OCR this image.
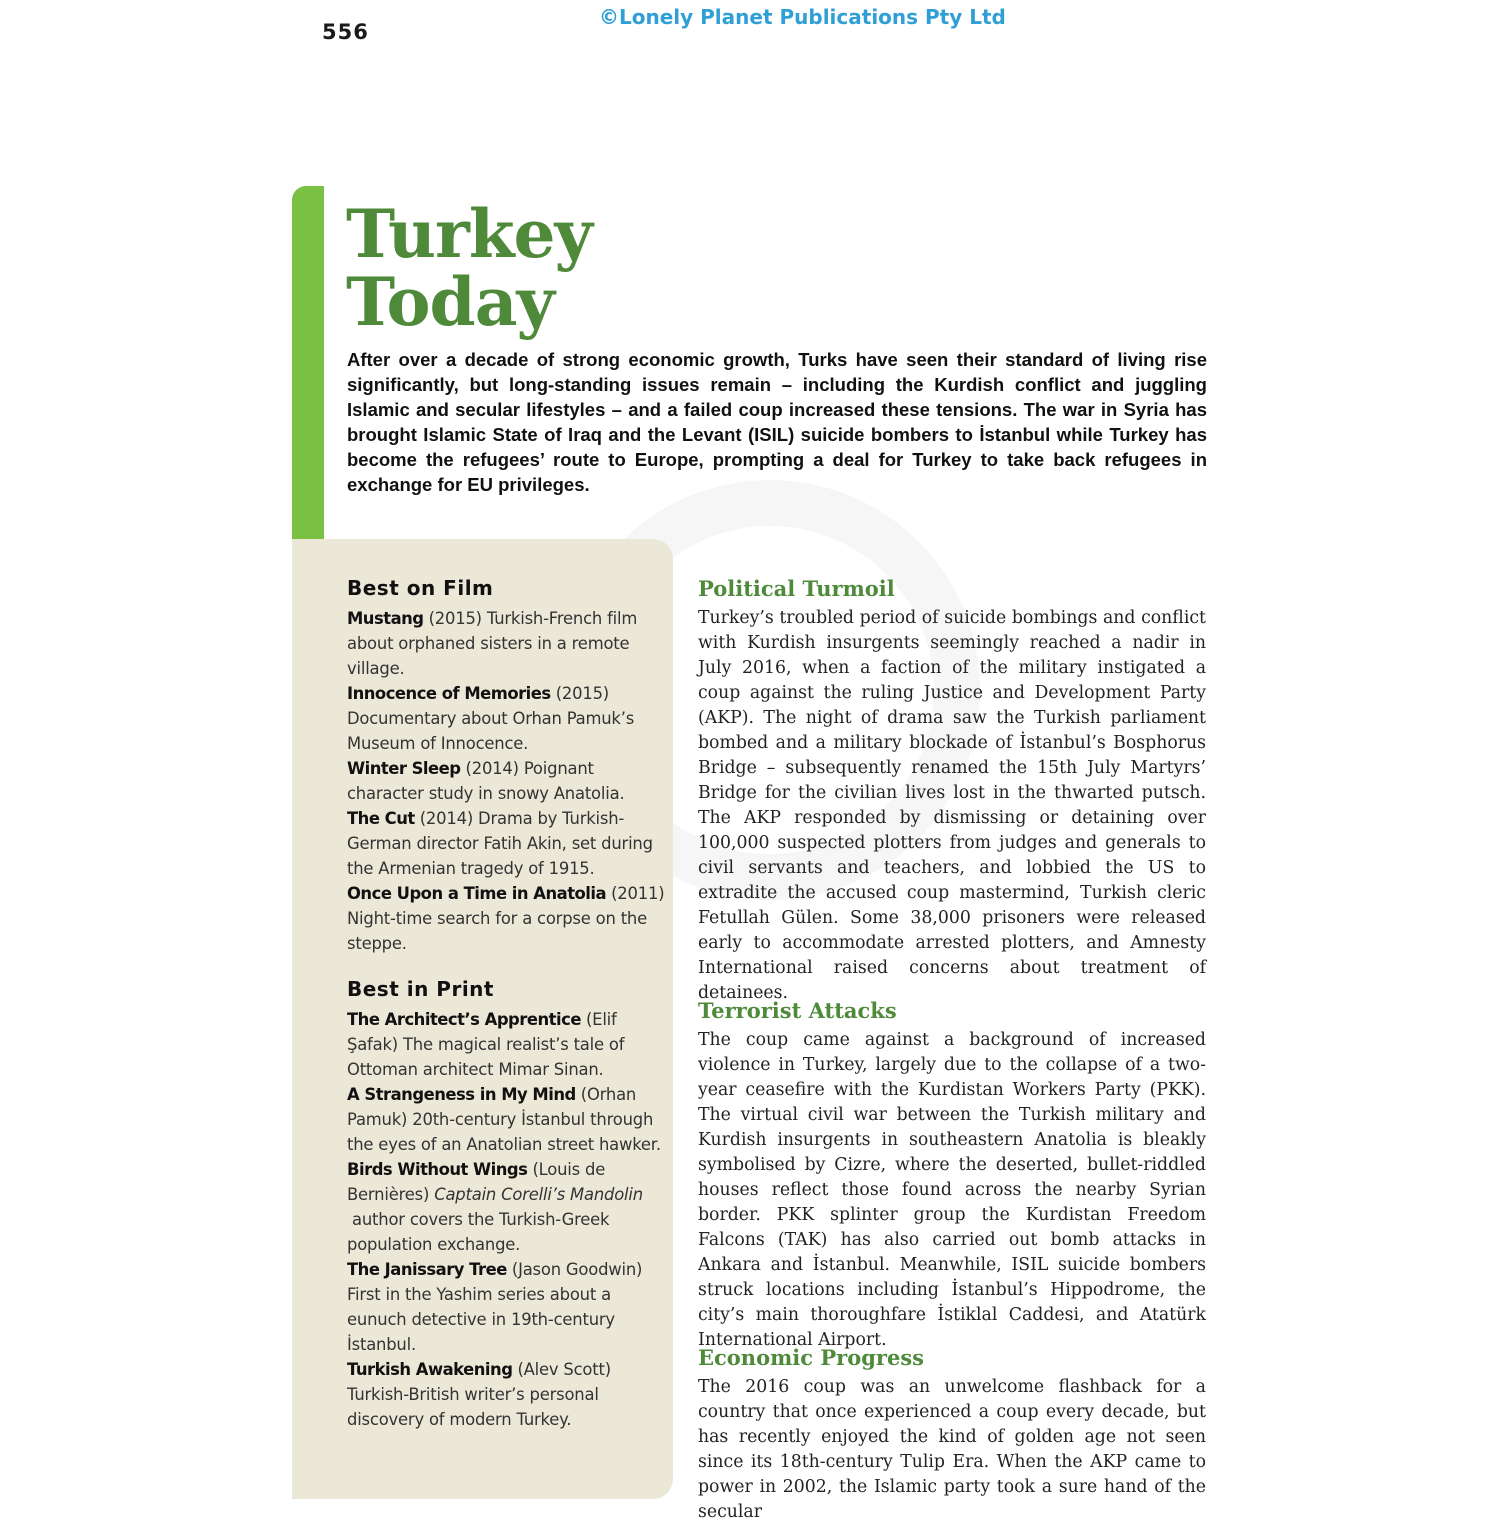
556
©Lonely Planet Publications Pty Ltd
Turkey
Today

After over a decade of strong economic growth, Turks have seen their standard of living rise significantly, but long-standing issues remain – including the Kurdish conflict and juggling Islamic and secular lifestyles – and a failed coup increased these tensions. The war in Syria has brought Islamic State of Iraq and the Levant (ISIL) suicide bombers to İstanbul while Turkey has become the refugees’ route to Europe, prompting a deal for Turkey to take back refugees in exchange for EU privileges.

Best on Film
Mustang (2015) Turkish-French film about orphaned sisters in a remote village.
Innocence of Memories (2015) Documentary about Orhan Pamuk’s Museum of Innocence.
Winter Sleep (2014) Poignant character study in snowy Anatolia.
The Cut (2014) Drama by Turkish-German director Fatih Akin, set during the Armenian tragedy of 1915.
Once Upon a Time in Anatolia (2011) Night-time search for a corpse on the steppe.
Best in Print
The Architect’s Apprentice (Elif Şafak) The magical realist’s tale of Ottoman architect Mimar Sinan.
A Strangeness in My Mind (Orhan Pamuk) 20th-century İstanbul through the eyes of an Anatolian street hawker.
Birds Without Wings (Louis de Bernières) Captain Corelli’s Mandolin author covers the Turkish-Greek population exchange.
The Janissary Tree (Jason Goodwin) First in the Yashim series about a eunuch detective in 19th-century İstanbul.
Turkish Awakening (Alev Scott) Turkish-British writer’s personal discovery of modern Turkey.
Political Turmoil

Turkey’s troubled period of suicide bombings and conflict with Kurdish insurgents seemingly reached a nadir in July 2016, when a faction of the military instigated a coup against the ruling Justice and Development Party (AKP). The night of drama saw the Turkish parliament bombed and a military blockade of İstanbul’s Bosphorus Bridge – subsequently renamed the 15th July Martyrs’ Bridge for the civilian lives lost in the thwarted putsch. The AKP responded by dismissing or detaining over 100,000 suspected plotters from judges and generals to civil servants and teachers, and lobbied the US to extradite the accused coup mastermind, Turkish cleric Fetullah Gülen. Some 38,000 prisoners were released early to accommodate arrested plotters, and Amnesty International raised concerns about treatment of detainees.

Terrorist Attacks

The coup came against a background of increased violence in Turkey, largely due to the collapse of a two-year ceasefire with the Kurdistan Workers Party (PKK). The virtual civil war between the Turkish military and Kurdish insurgents in southeastern Anatolia is bleakly symbolised by Cizre, where the deserted, bullet-riddled houses reflect those found across the nearby Syrian border. PKK splinter group the Kurdistan Freedom Falcons (TAK) has also carried out bomb attacks in Ankara and İstanbul. Meanwhile, ISIL suicide bombers struck locations including İstanbul’s Hippodrome, the city’s main thoroughfare İstiklal Caddesi, and Atatürk International Airport.

Economic Progress

The 2016 coup was an unwelcome flashback for a country that once experienced a coup every decade, but has recently enjoyed the kind of golden age not seen since its 18th-century Tulip Era. When the AKP came to power in 2002, the Islamic party took a sure hand of the secular
